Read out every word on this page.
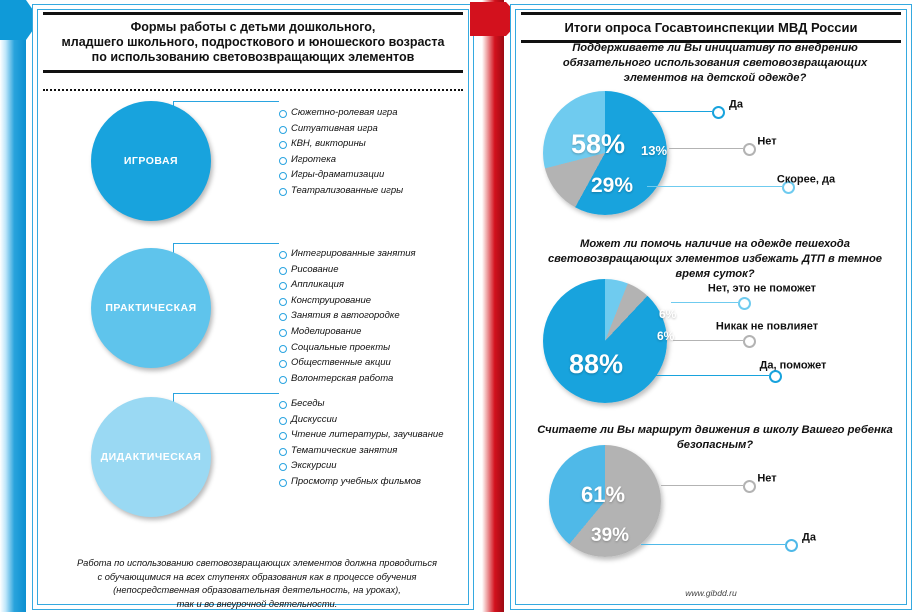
Формы работы с детьми дошкольного,
младшего школьного, подросткового и юношеского возраста
по использованию световозвращающих элементов
ИГРОВАЯ
Сюжетно-ролевая игра
Ситуативная игра
КВН, викторины
Игротека
Игры-драматизации
Театрализованные игры
ПРАКТИЧЕСКАЯ
Интегрированные занятия
Рисование
Аппликация
Конструирование
Занятия в автогородке
Моделирование
Социальные проекты
Общественные акции
Волонтерская работа
ДИДАКТИЧЕСКАЯ
Беседы
Дискуссии
Чтение литературы, заучивание
Тематические занятия
Экскурсии
Просмотр учебных фильмов
Работа по использованию световозвращающих элементов должна проводиться
с обучающимися на всех ступенях образования как в процессе обучения
(непосредственная образовательная деятельность, на уроках),
так и во внеурочной деятельности.
Итоги опроса Госавтоинспекции МВД России
Поддерживаете ли Вы инициативу по внедрению обязательного использования световозвращающих элементов на детской одежде?
Может ли помочь наличие на одежде пешехода световозвращающих элементов избежать ДТП в темное время суток?
Считаете ли Вы маршрут движения в школу Вашего ребенка безопасным?
58% 13%
29%
Да
Нет
Скорее, да
6%
6%
88%
Нет, это не поможет
Никак не повлияет
Да, поможет
61%
39%
Нет
Да
www.gibdd.ru
